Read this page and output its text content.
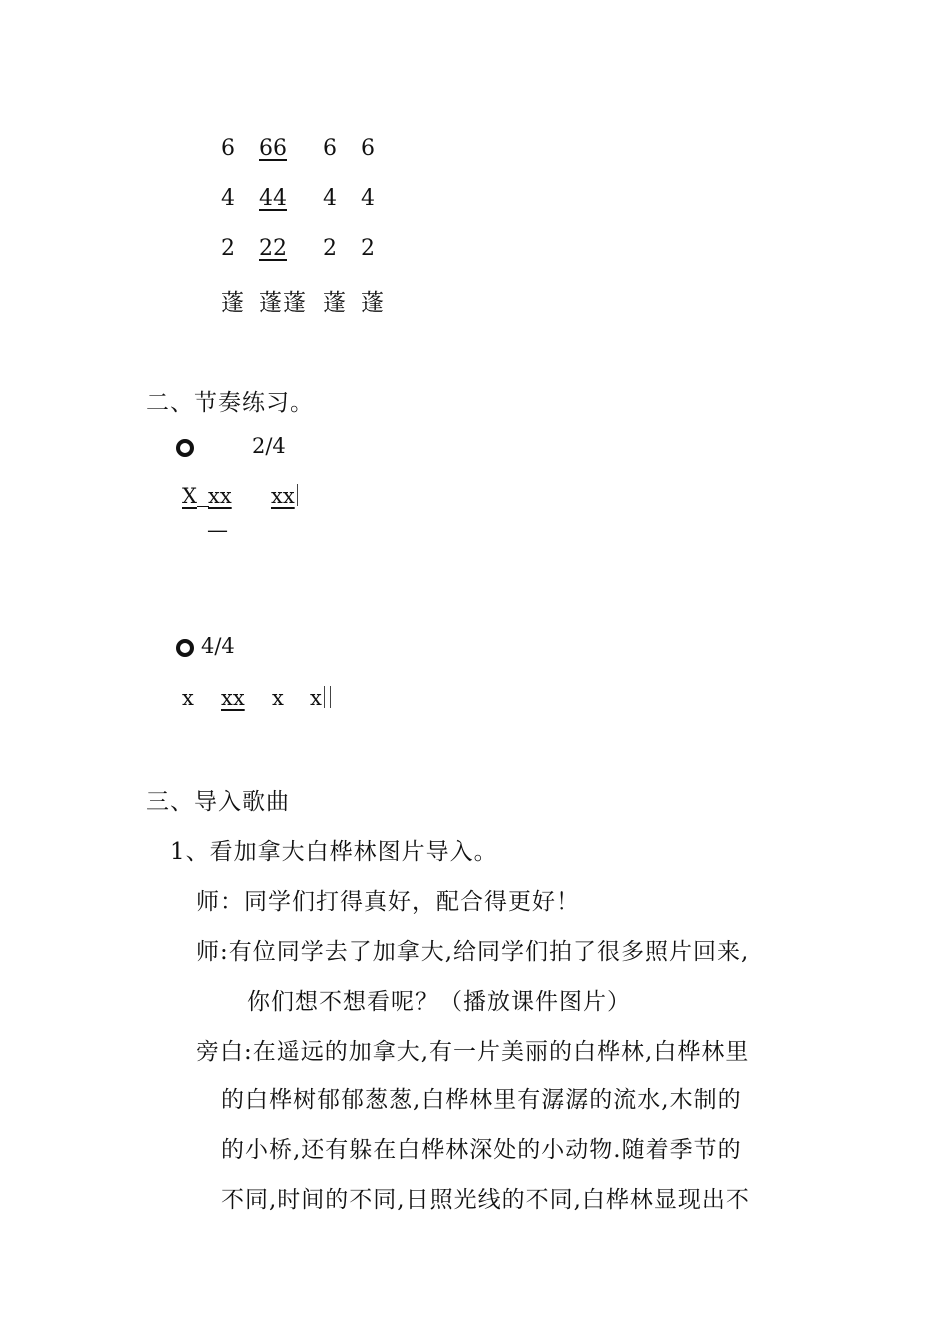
6 66 6 6
4 44 4 4
2 22 2 2
蓬 蓬蓬 蓬 蓬
二、节奏练习。
2/4
X xx xx
—
4/4
x xx x x
三、导入歌曲
1、看加拿大白桦林图片导入。
师：同学们打得真好，配合得更好！
师:有位同学去了加拿大,给同学们拍了很多照片回来,
你们想不想看呢？（播放课件图片）
旁白:在遥远的加拿大,有一片美丽的白桦林,白桦林里
的白桦树郁郁葱葱,白桦林里有潺潺的流水,木制的
的小桥,还有躲在白桦林深处的小动物.随着季节的
不同,时间的不同,日照光线的不同,白桦林显现出不
